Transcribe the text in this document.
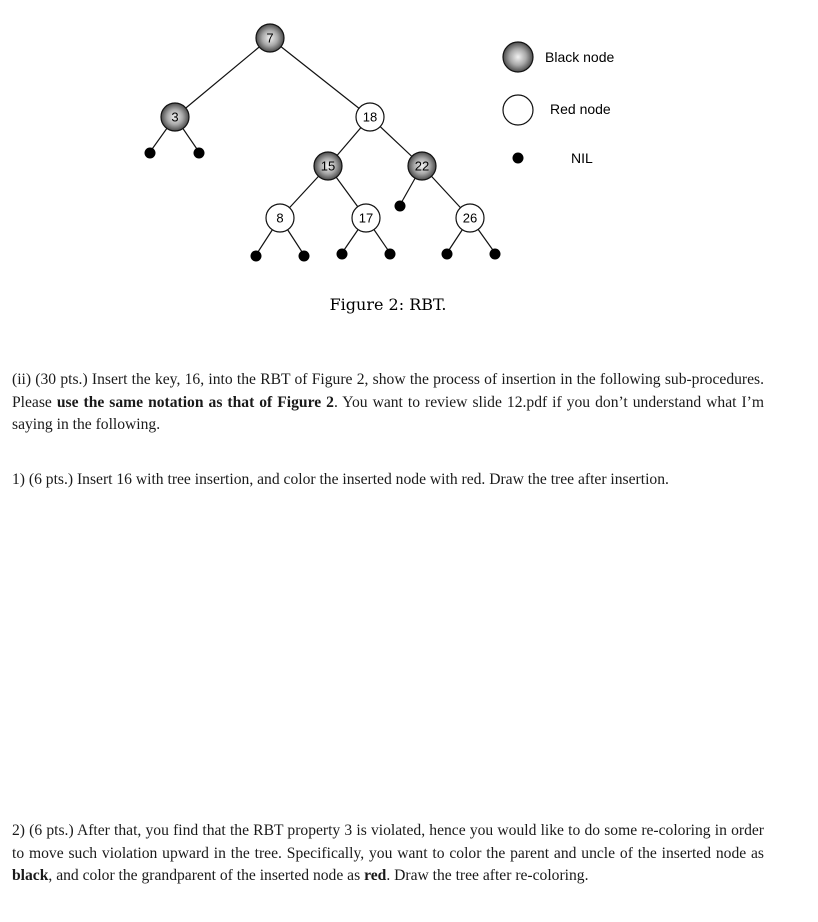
7
3	18
15	22
8	17	26
Black node
Red node
NIL
Figure 2: RBT.

(ii) (30 pts.) Insert the key, 16, into the RBT of Figure 2, show the process of insertion in the following sub-procedures. Please use the same notation as that of Figure 2. You want to review slide 12.pdf if you don’t understand what I’m saying in the following.

1) (6 pts.) Insert 16 with tree insertion, and color the inserted node with red. Draw the tree after insertion.

2) (6 pts.) After that, you find that the RBT property 3 is violated, hence you would like to do some re-coloring in order to move such violation upward in the tree. Specifically, you want to color the parent and uncle of the inserted node as black, and color the grandparent of the inserted node as red. Draw the tree after re-coloring.
